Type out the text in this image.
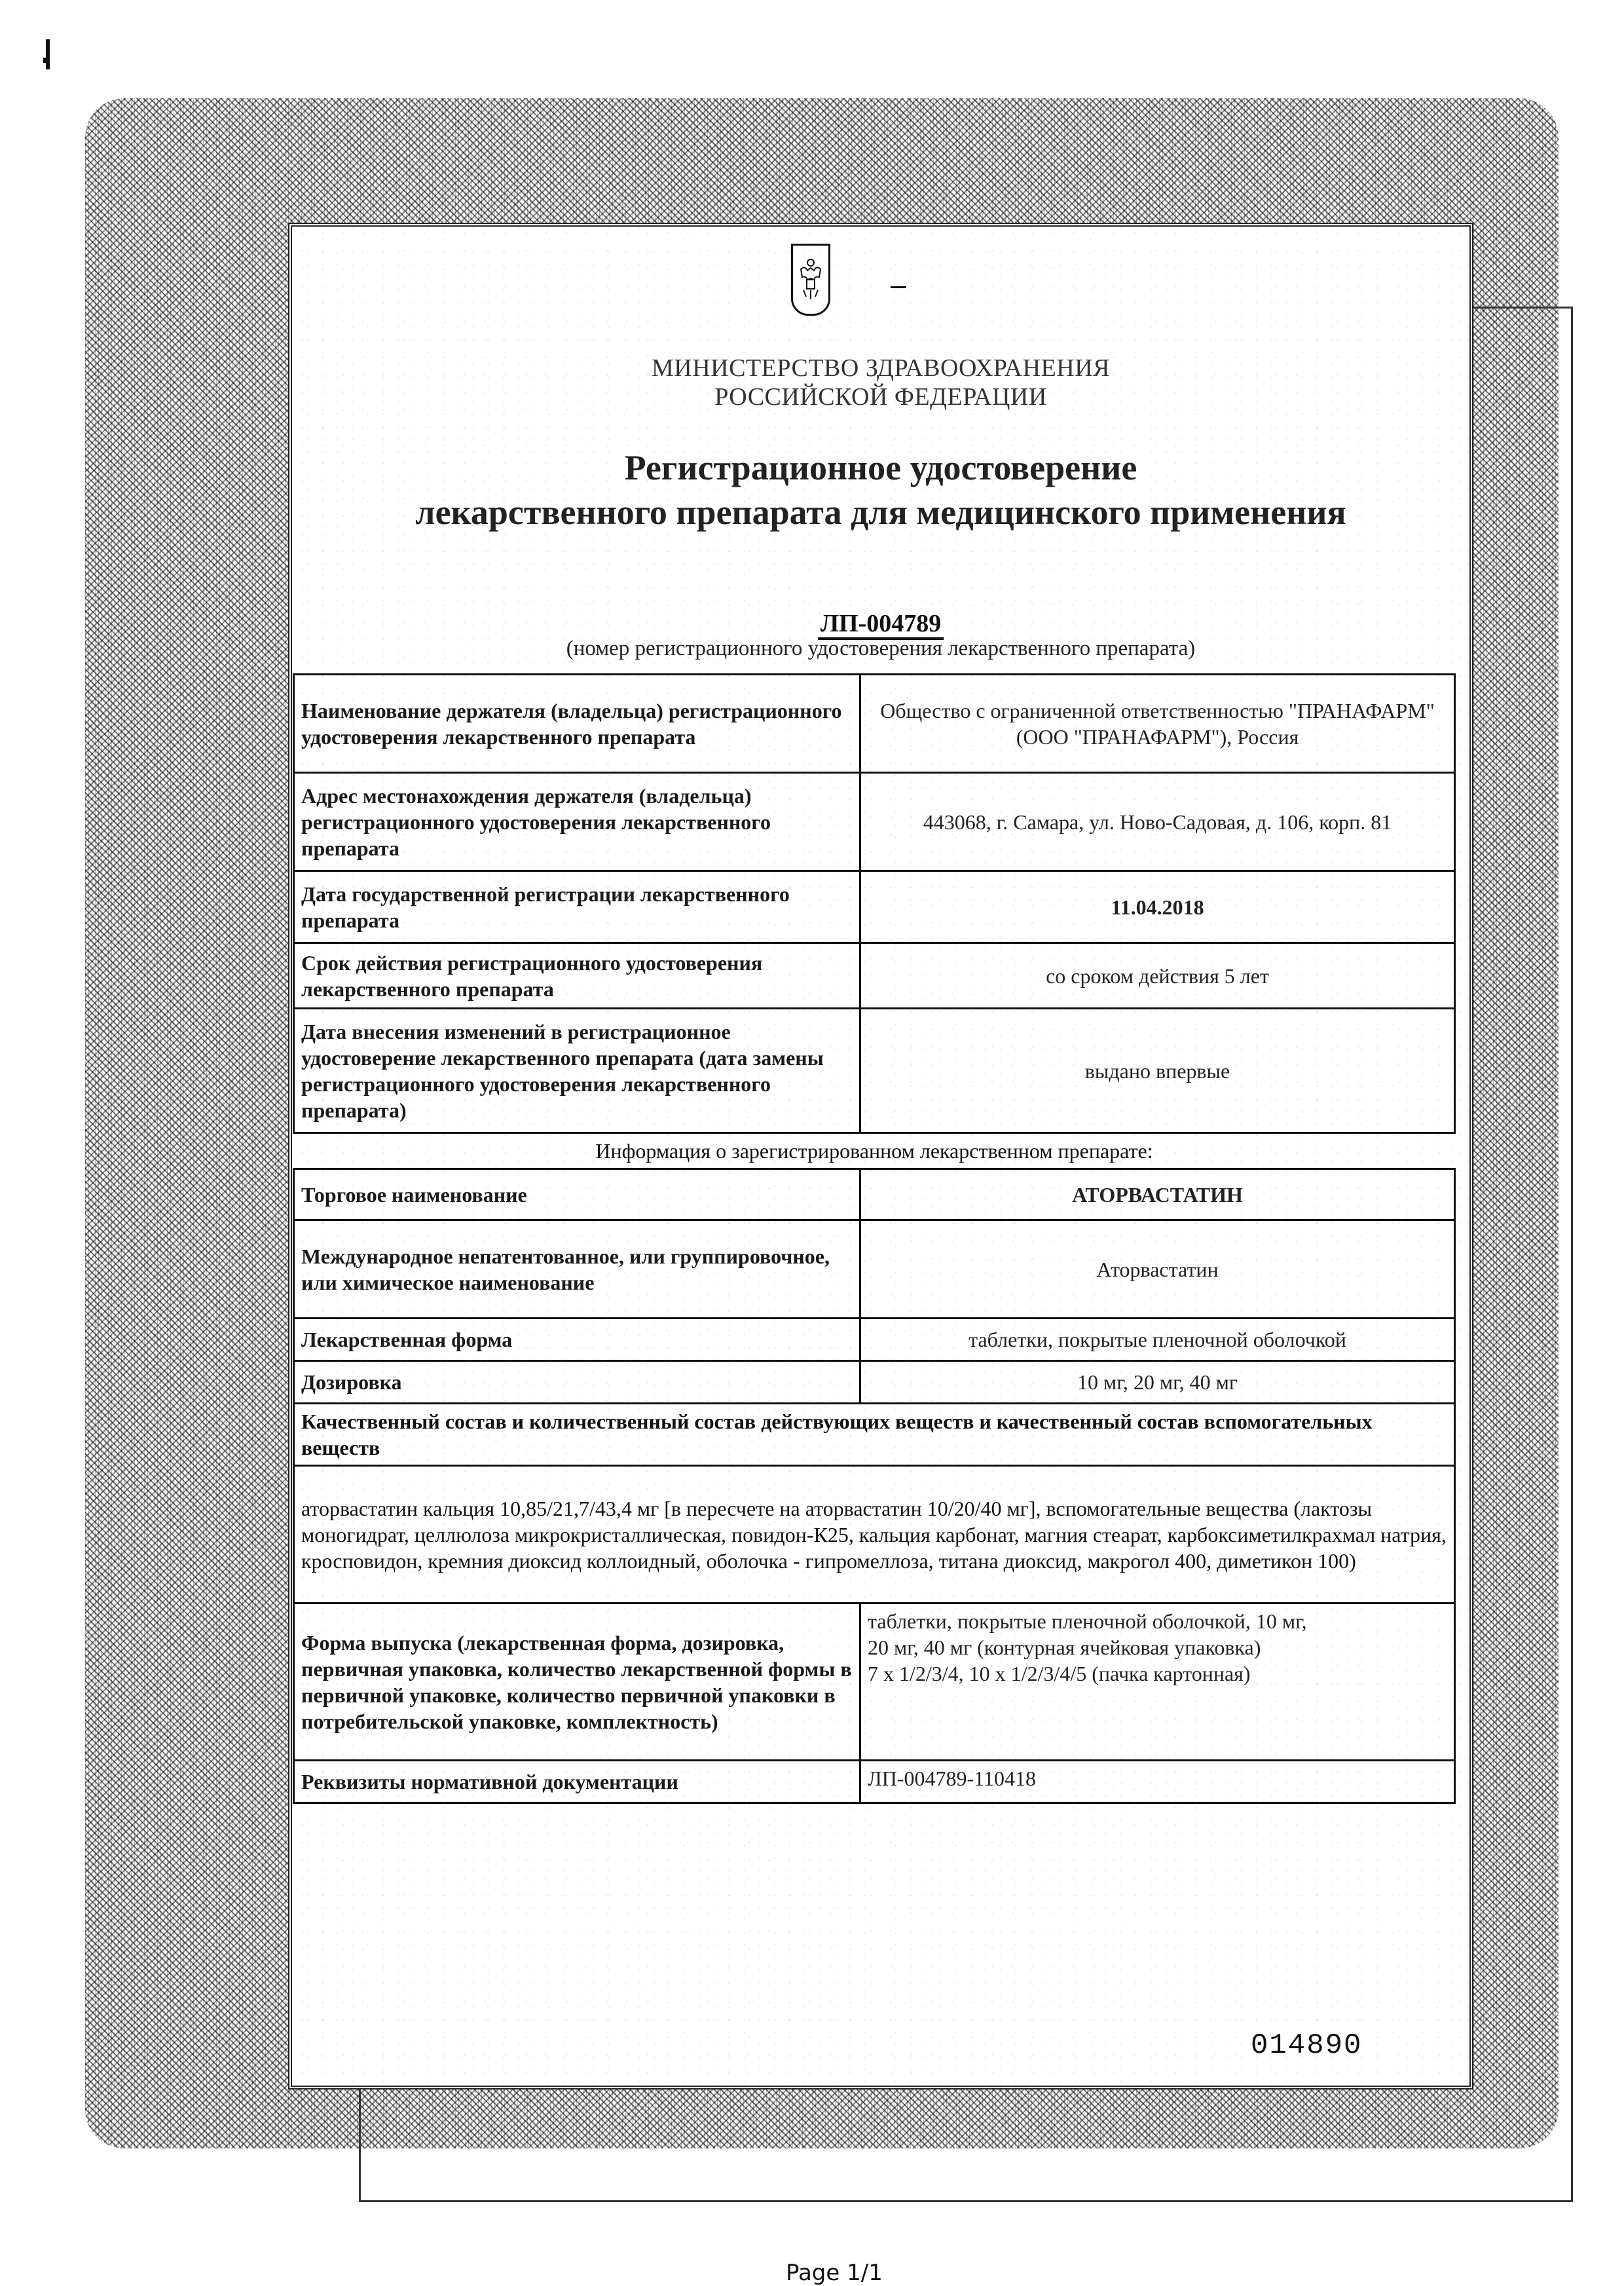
МИНИСТЕРСТВО ЗДРАВООХРАНЕНИЯ
РОССИЙСКОЙ ФЕДЕРАЦИИ
Регистрационное удостоверение
лекарственного препарата для медицинского применения
ЛП-004789
(номер регистрационного удостоверения лекарственного препарата)
Наименование держателя (владельца) регистрационного удостоверения лекарственного препарата	Общество с ограниченной ответственностью "ПРАНАФАРМ" (ООО "ПРАНАФАРМ"), Россия
Адрес местонахождения держателя (владельца) регистрационного удостоверения лекарственного препарата	443068, г. Самара, ул. Ново-Садовая, д. 106, корп. 81
Дата государственной регистрации лекарственного препарата	11.04.2018
Срок действия регистрационного удостоверения лекарственного препарата	со сроком действия 5 лет
Дата внесения изменений в регистрационное удостоверение лекарственного препарата (дата замены регистрационного удостоверения лекарственного препарата)	выдано впервые
Информация о зарегистрированном лекарственном препарате:	
Торговое наименование	АТОРВАСТАТИН
Международное непатентованное, или группировочное, или химическое наименование	Аторвастатин
Лекарственная форма	таблетки, покрытые пленочной оболочкой
Дозировка	10 мг, 20 мг, 40 мг
Качественный состав и количественный состав действующих веществ и качественный состав вспомогательных веществ	
аторвастатин кальция 10,85/21,7/43,4 мг [в пересчете на аторвастатин 10/20/40 мг], вспомогательные вещества (лактозы моногидрат, целлюлоза микрокристаллическая, повидон-К25, кальция карбонат, магния стеарат, карбоксиметилкрахмал натрия, кросповидон, кремния диоксид коллоидный, оболочка - гипромеллоза, титана диоксид, макрогол 400, диметикон 100)	
Форма выпуска (лекарственная форма, дозировка, первичная упаковка, количество лекарственной формы в первичной упаковке, количество первичной упаковки в потребительской упаковке, комплектность)	таблетки, покрытые пленочной оболочкой, 10 мг,
20 мг, 40 мг (контурная ячейковая упаковка)
7 x 1/2/3/4, 10 x 1/2/3/4/5 (пачка картонная)

Реквизиты нормативной документации	ЛП-004789-110418
014890
Page 1/1
